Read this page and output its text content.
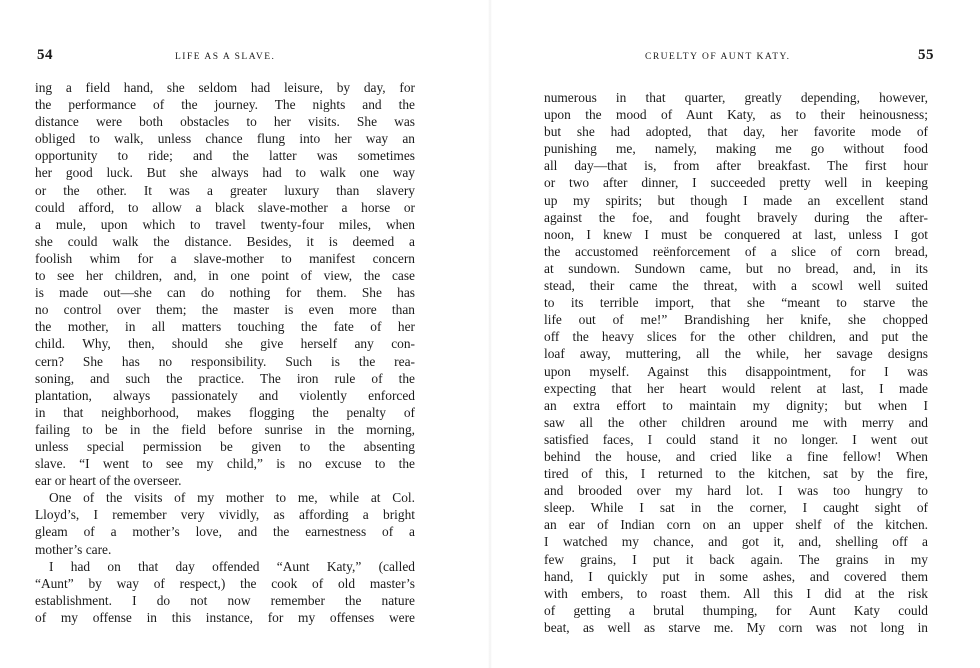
54	LIFE AS A SLAVE.
ing a field hand, she seldom had leisure, by day, for
the performance of the journey. The nights and the
distance were both obstacles to her visits. She was
obliged to walk, unless chance flung into her way an
opportunity to ride; and the latter was sometimes
her good luck. But she always had to walk one way
or the other. It was a greater luxury than slavery
could afford, to allow a black slave-mother a horse or
a mule, upon which to travel twenty-four miles, when
she could walk the distance. Besides, it is deemed a
foolish whim for a slave-mother to manifest concern
to see her children, and, in one point of view, the case
is made out—she can do nothing for them. She has
no control over them; the master is even more than
the mother, in all matters touching the fate of her
child. Why, then, should she give herself any con-
cern? She has no responsibility. Such is the rea-
soning, and such the practice. The iron rule of the
plantation, always passionately and violently enforced
in that neighborhood, makes flogging the penalty of
failing to be in the field before sunrise in the morning,
unless special permission be given to the absenting
slave. “I went to see my child,” is no excuse to the
ear or heart of the overseer.
One of the visits of my mother to me, while at Col.
Lloyd’s, I remember very vividly, as affording a bright
gleam of a mother’s love, and the earnestness of a
mother’s care.
I had on that day offended “Aunt Katy,” (called
“Aunt” by way of respect,) the cook of old master’s
establishment. I do not now remember the nature
of my offense in this instance, for my offenses were
CRUELTY OF AUNT KATY.	55
numerous in that quarter, greatly depending, however,
upon the mood of Aunt Katy, as to their heinousness;
but she had adopted, that day, her favorite mode of
punishing me, namely, making me go without food
all day—that is, from after breakfast. The first hour
or two after dinner, I succeeded pretty well in keeping
up my spirits; but though I made an excellent stand
against the foe, and fought bravely during the after-
noon, I knew I must be conquered at last, unless I got
the accustomed reënforcement of a slice of corn bread,
at sundown. Sundown came, but no bread, and, in its
stead, their came the threat, with a scowl well suited
to its terrible import, that she “meant to starve the
life out of me!” Brandishing her knife, she chopped
off the heavy slices for the other children, and put the
loaf away, muttering, all the while, her savage designs
upon myself. Against this disappointment, for I was
expecting that her heart would relent at last, I made
an extra effort to maintain my dignity; but when I
saw all the other children around me with merry and
satisfied faces, I could stand it no longer. I went out
behind the house, and cried like a fine fellow! When
tired of this, I returned to the kitchen, sat by the fire,
and brooded over my hard lot. I was too hungry to
sleep. While I sat in the corner, I caught sight of
an ear of Indian corn on an upper shelf of the kitchen.
I watched my chance, and got it, and, shelling off a
few grains, I put it back again. The grains in my
hand, I quickly put in some ashes, and covered them
with embers, to roast them. All this I did at the risk
of getting a brutal thumping, for Aunt Katy could
beat, as well as starve me. My corn was not long in
